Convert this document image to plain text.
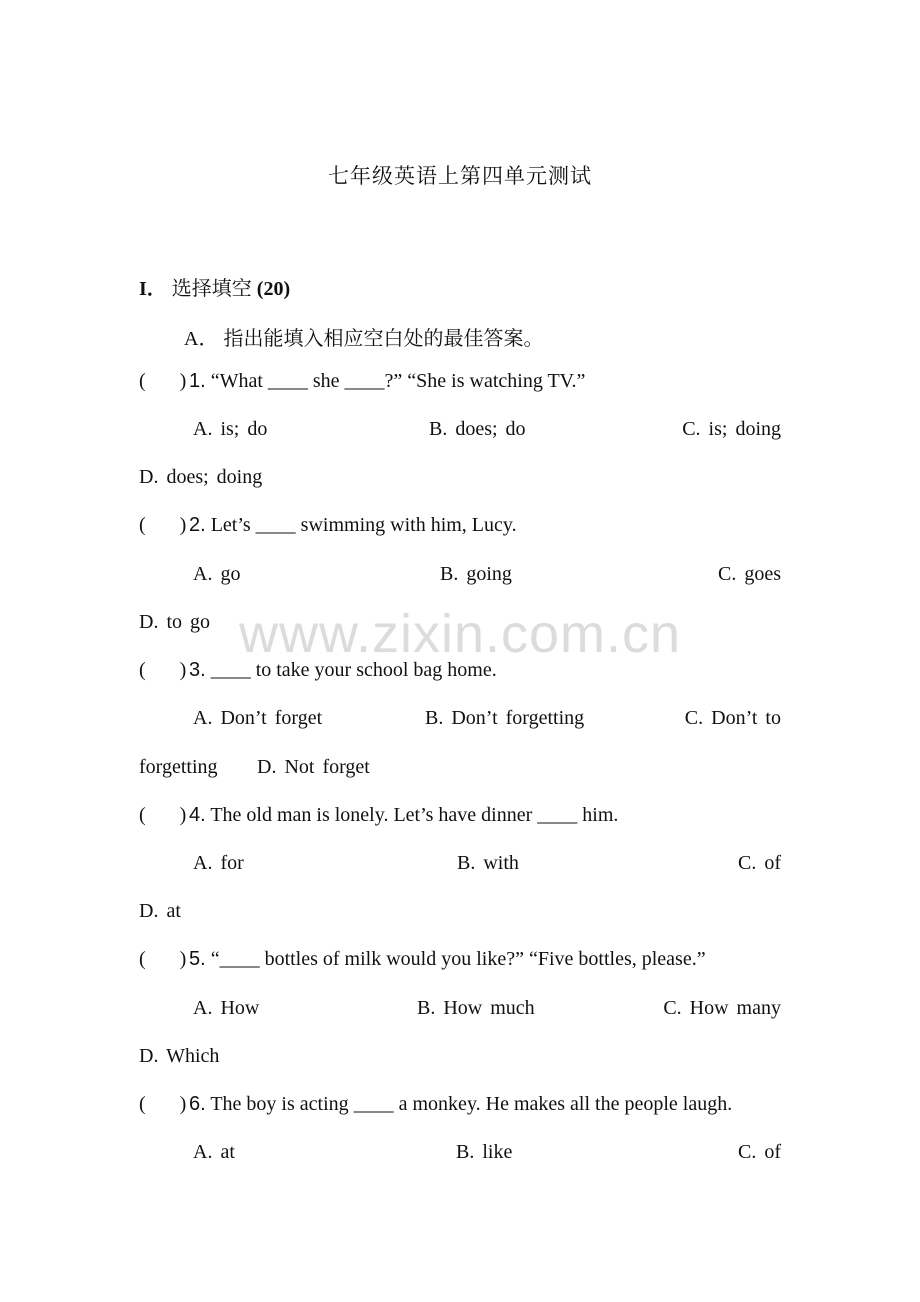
七年级英语上第四单元测试
I． 选择填空 (20)
A． 指出能填入相应空白处的最佳答案。
( ) 1. “What ____ she ____?” “She is watching TV.”
A. is; do	B. does; do	C. is; doing
D. does; doing
( ) 2. Let’s ____ swimming with him, Lucy.
A. go	B. going	C. goes
D. to go www.zixin.com.cn
( ) 3. ____ to take your school bag home.
A. Don’t forget	B. Don’t forgetting	C. Don’t to
forgetting D. Not forget
( ) 4. The old man is lonely. Let’s have dinner ____ him.
A. for	B. with	C. of
D. at
( ) 5. “____ bottles of milk would you like?” “Five bottles, please.”
A. How	B. How much	C. How many
D. Which
( ) 6. The boy is acting ____ a monkey. He makes all the people laugh.
A. at	B. like	C. of
